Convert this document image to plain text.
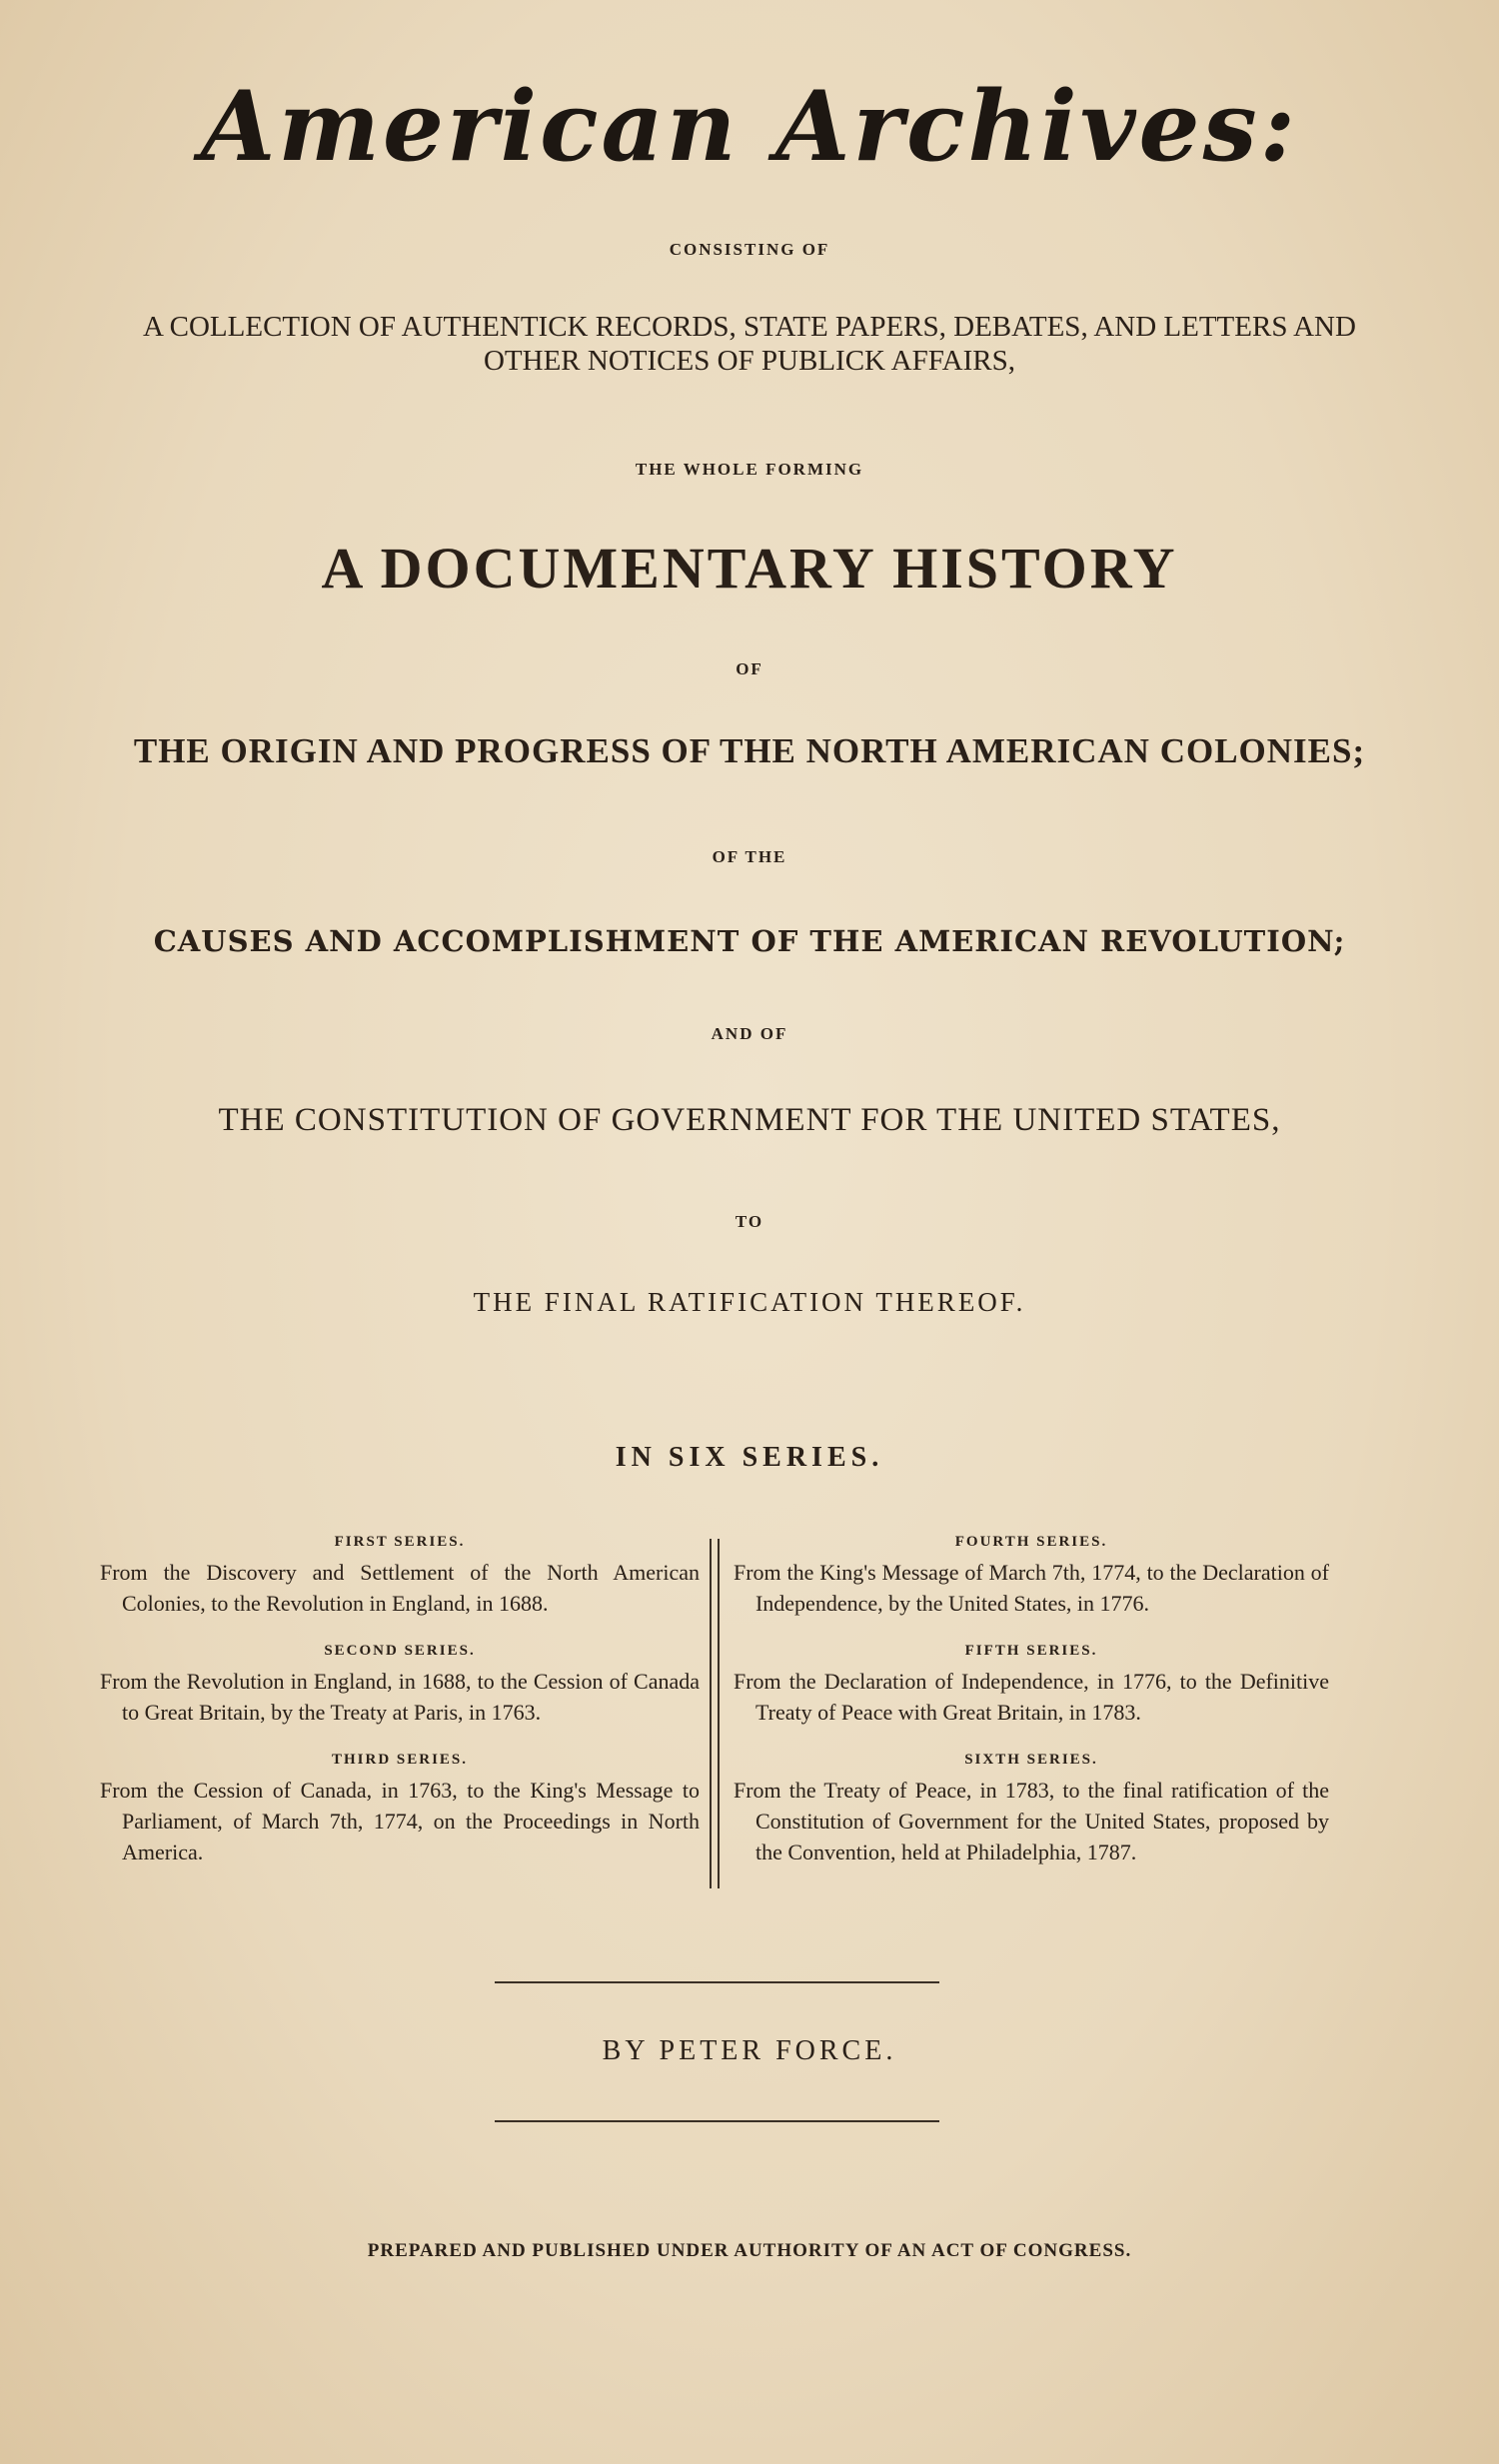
American Archives:
CONSISTING OF
A COLLECTION OF AUTHENTICK RECORDS, STATE PAPERS, DEBATES, AND LETTERS AND OTHER NOTICES OF PUBLICK AFFAIRS,
THE WHOLE FORMING
A DOCUMENTARY HISTORY
OF
THE ORIGIN AND PROGRESS OF THE NORTH AMERICAN COLONIES;
OF THE
CAUSES AND ACCOMPLISHMENT OF THE AMERICAN REVOLUTION;
AND OF
THE CONSTITUTION OF GOVERNMENT FOR THE UNITED STATES,
TO
THE FINAL RATIFICATION THEREOF.
IN SIX SERIES.
FIRST SERIES.
From the Discovery and Settlement of the North American Colonies, to the Revolution in England, in 1688.
SECOND SERIES.
From the Revolution in England, in 1688, to the Cession of Canada to Great Britain, by the Treaty at Paris, in 1763.
THIRD SERIES.
From the Cession of Canada, in 1763, to the King's Message to Parliament, of March 7th, 1774, on the Proceedings in North America.
FOURTH SERIES.
From the King's Message of March 7th, 1774, to the Declaration of Independence, by the United States, in 1776.
FIFTH SERIES.
From the Declaration of Independence, in 1776, to the Definitive Treaty of Peace with Great Britain, in 1783.
SIXTH SERIES.
From the Treaty of Peace, in 1783, to the final ratification of the Constitution of Government for the United States, proposed by the Convention, held at Philadelphia, 1787.
BY PETER FORCE.
PREPARED AND PUBLISHED UNDER AUTHORITY OF AN ACT OF CONGRESS.
